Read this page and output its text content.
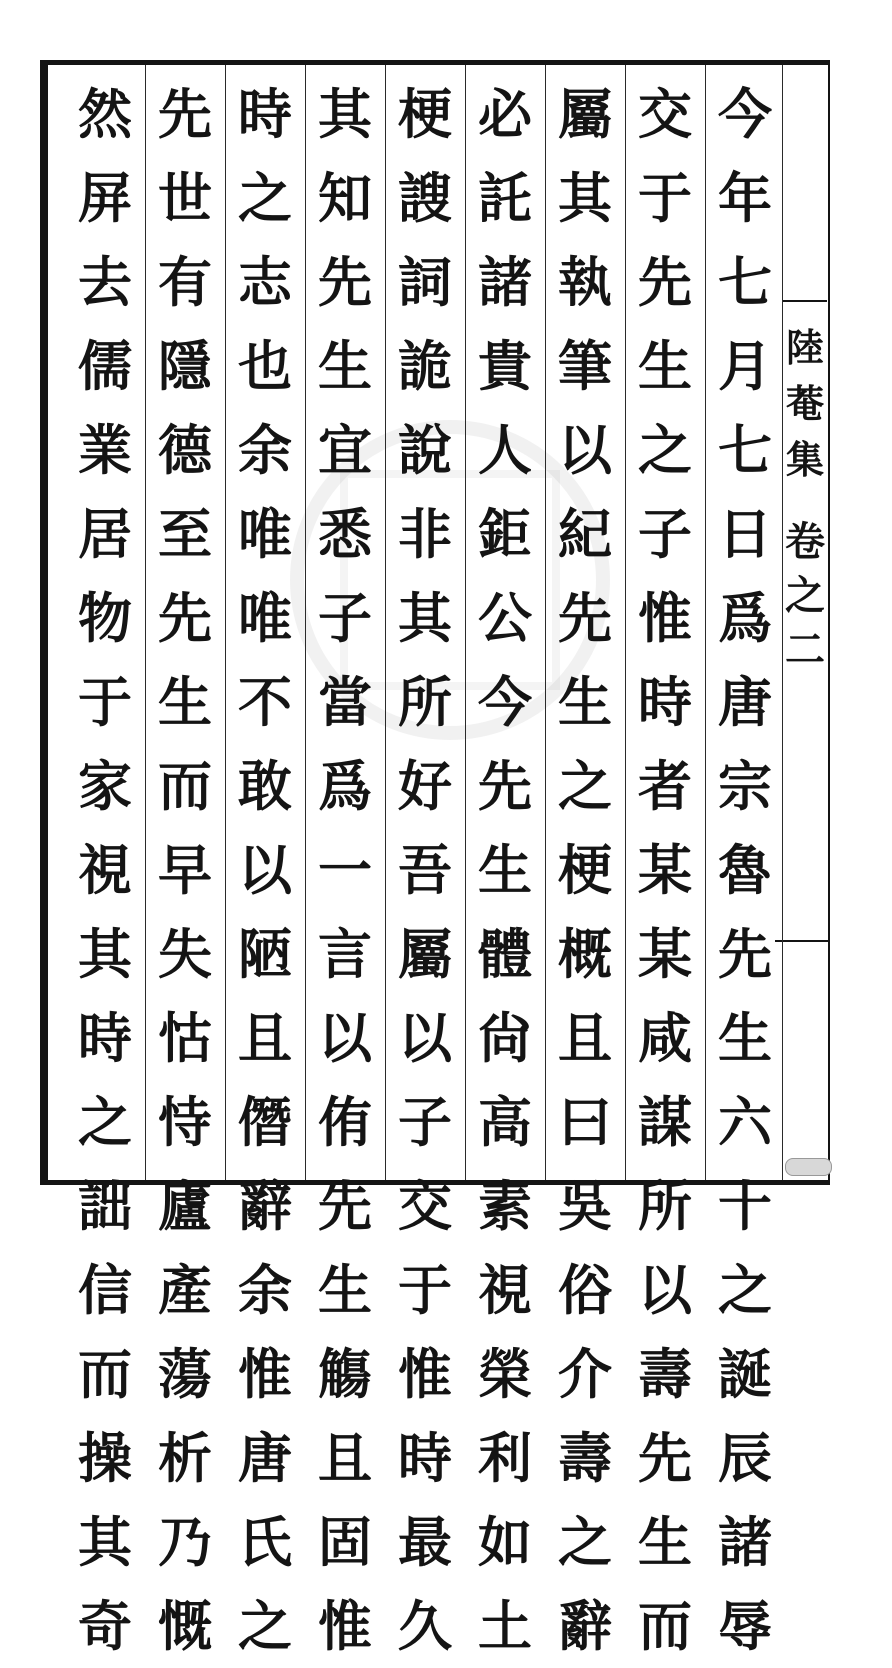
陸
菴
集
卷
之
二
今
年
七
月
七
日
爲
唐
宗
魯
先
生
六
十
之
誕
辰
諸
辱
交
于
先
生
之
子
惟
時
者
某
某
咸
謀
所
以
壽
先
生
而
屬
其
執
筆
以
紀
先
生
之
梗
概
且
曰
吳
俗
介
壽
之
辭
必
託
諸
貴
人
鉅
公
今
先
生
體
尙
高
素
視
榮
利
如
土
梗
謏
詞
詭
說
非
其
所
好
吾
屬
以
子
交
于
惟
時
最
久
其
知
先
生
宜
悉
子
當
爲
一
言
以
侑
先
生
觴
且
固
惟
時
之
志
也
余
唯
唯
不
敢
以
陋
且
僭
辭
余
惟
唐
氏
之
先
世
有
隱
德
至
先
生
而
早
失
怙
恃
廬
產
蕩
析
乃
慨
然
屏
去
儒
業
居
物
于
家
視
其
時
之
詘
信
而
操
其
奇
